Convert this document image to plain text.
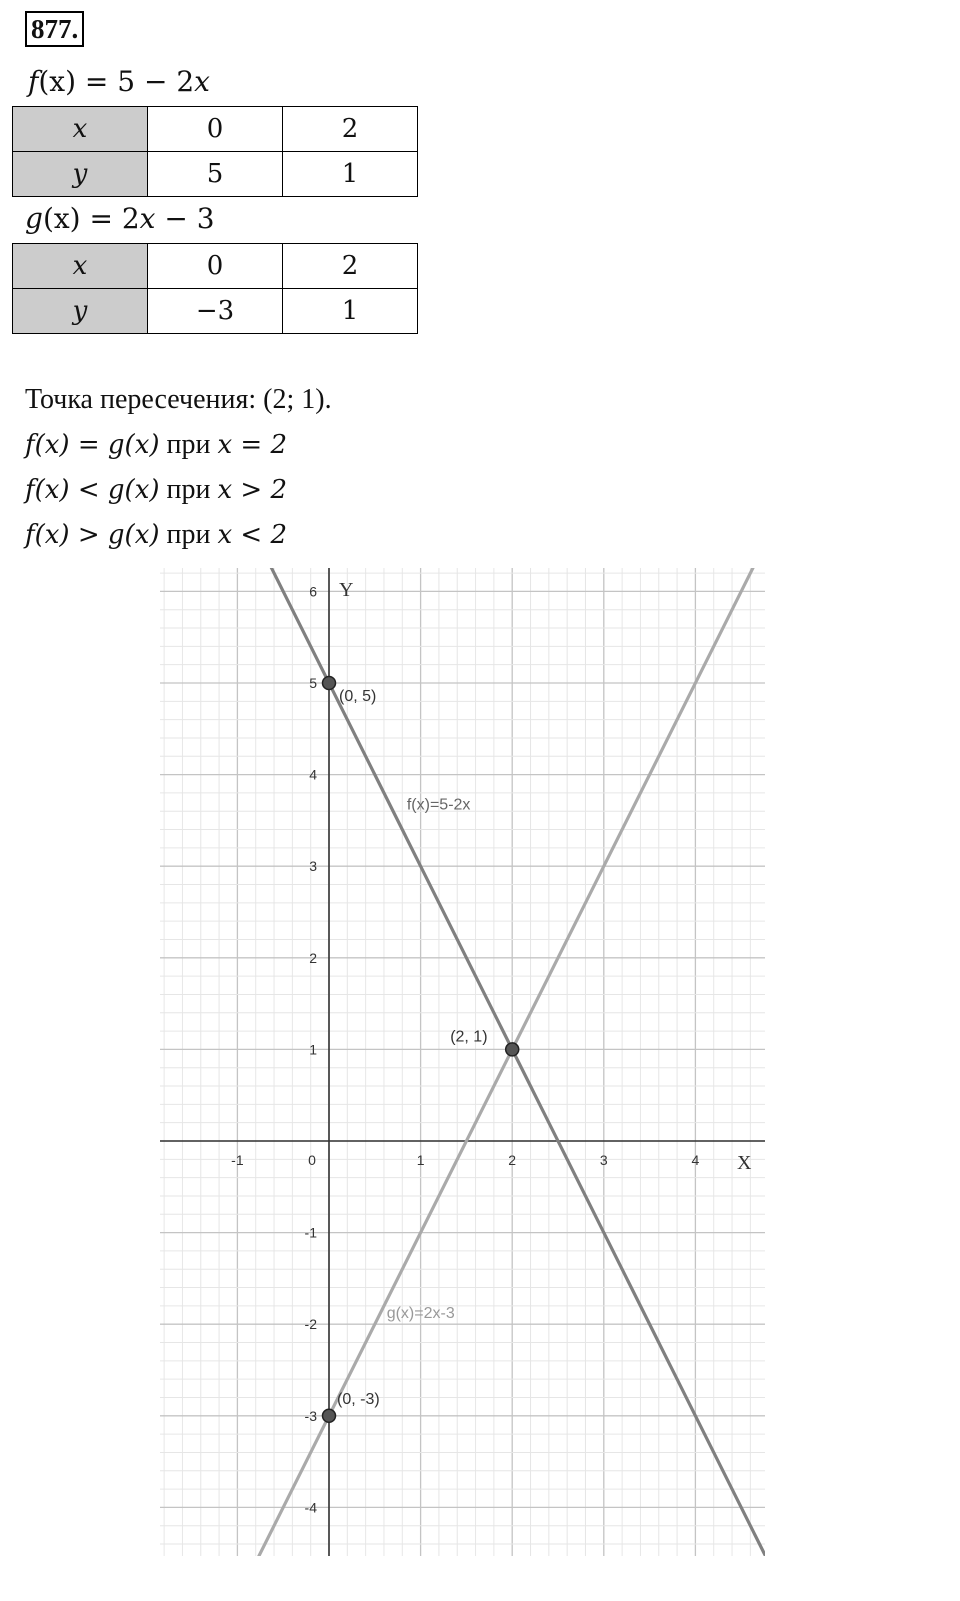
877.
f(x) = 5 − 2x
x	0	2
y	5	1
g(x) = 2x − 3
x	0	2
y	−3	1
Точка пересечения: (2; 1).
f(x) = g(x) при x = 2
f(x) < g(x) при x > 2
f(x) > g(x) при x < 2
-1	0	1	2	3	4
6
5
4
3
2
1
-1
-2
-3
-4
X
Y
f(x)=5-2x
g(x)=2x-3
(0, 5)
(2, 1)
(0, -3)
